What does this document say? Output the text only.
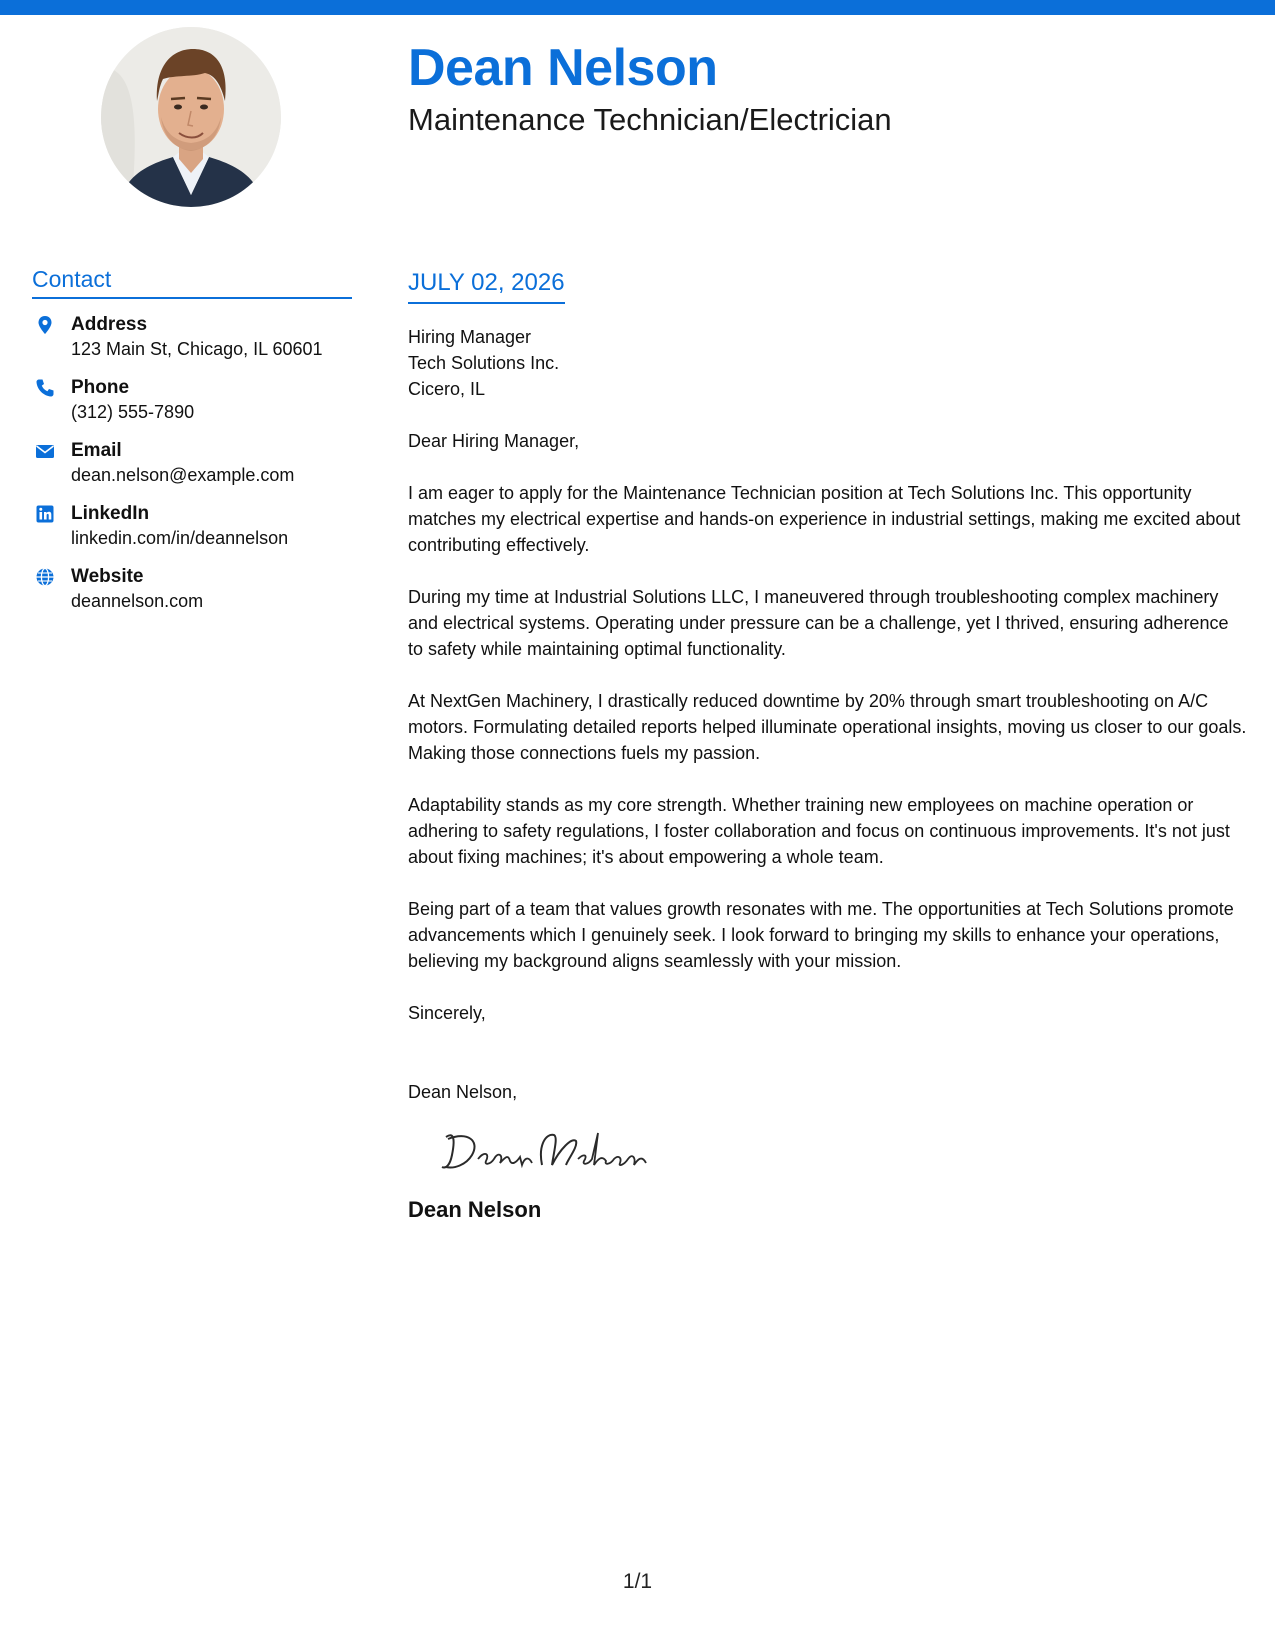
Dean Nelson
Maintenance Technician/Electrician
Contact
Address
123 Main St, Chicago, IL 60601
Phone
(312) 555-7890
Email
dean.nelson@example.com
LinkedIn
linkedin.com/in/deannelson
Website
deannelson.com
JULY 02, 2026
Hiring Manager
Tech Solutions Inc.
Cicero, IL
Dear Hiring Manager,

I am eager to apply for the Maintenance Technician position at Tech Solutions Inc. This opportunity matches my electrical expertise and hands-on experience in industrial settings, making me excited about contributing effectively.

During my time at Industrial Solutions LLC, I maneuvered through troubleshooting complex machinery and electrical systems. Operating under pressure can be a challenge, yet I thrived, ensuring adherence to safety while maintaining optimal functionality.

At NextGen Machinery, I drastically reduced downtime by 20% through smart troubleshooting on A/C motors. Formulating detailed reports helped illuminate operational insights, moving us closer to our goals. Making those connections fuels my passion.

Adaptability stands as my core strength. Whether training new employees on machine operation or adhering to safety regulations, I foster collaboration and focus on continuous improvements. It's not just about fixing machines; it's about empowering a whole team.

Being part of a team that values growth resonates with me. The opportunities at Tech Solutions promote advancements which I genuinely seek. I look forward to bringing my skills to enhance your operations, believing my background aligns seamlessly with your mission.

Sincerely,
Dean Nelson,
Dean Nelson
1/1
